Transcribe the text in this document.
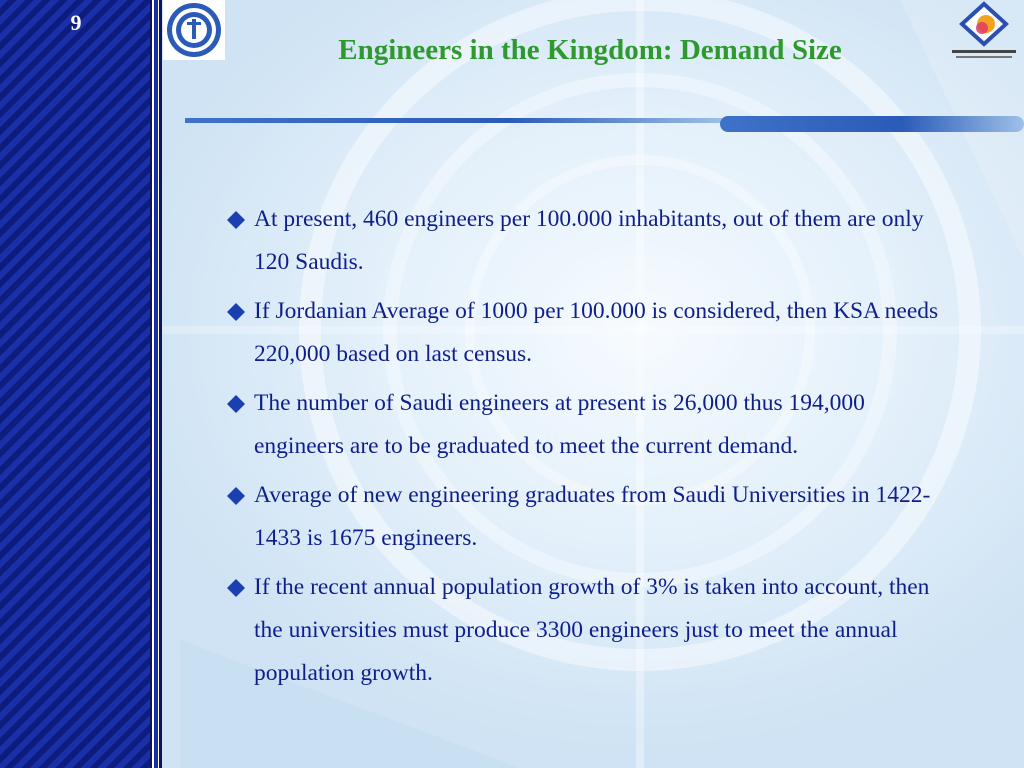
9
Engineers in the Kingdom: Demand Size
At present, 460 engineers per 100.000 inhabitants, out of them are only 120 Saudis.
If Jordanian Average of 1000 per 100.000 is considered, then KSA needs 220,000 based on last census.
The number of Saudi engineers at present is 26,000 thus 194,000 engineers are to be graduated to meet the current demand.
Average of new engineering graduates from Saudi Universities in 1422-1433 is 1675 engineers.
If the recent annual population growth of 3% is taken into account, then the universities must produce 3300 engineers just to meet the annual population growth.
